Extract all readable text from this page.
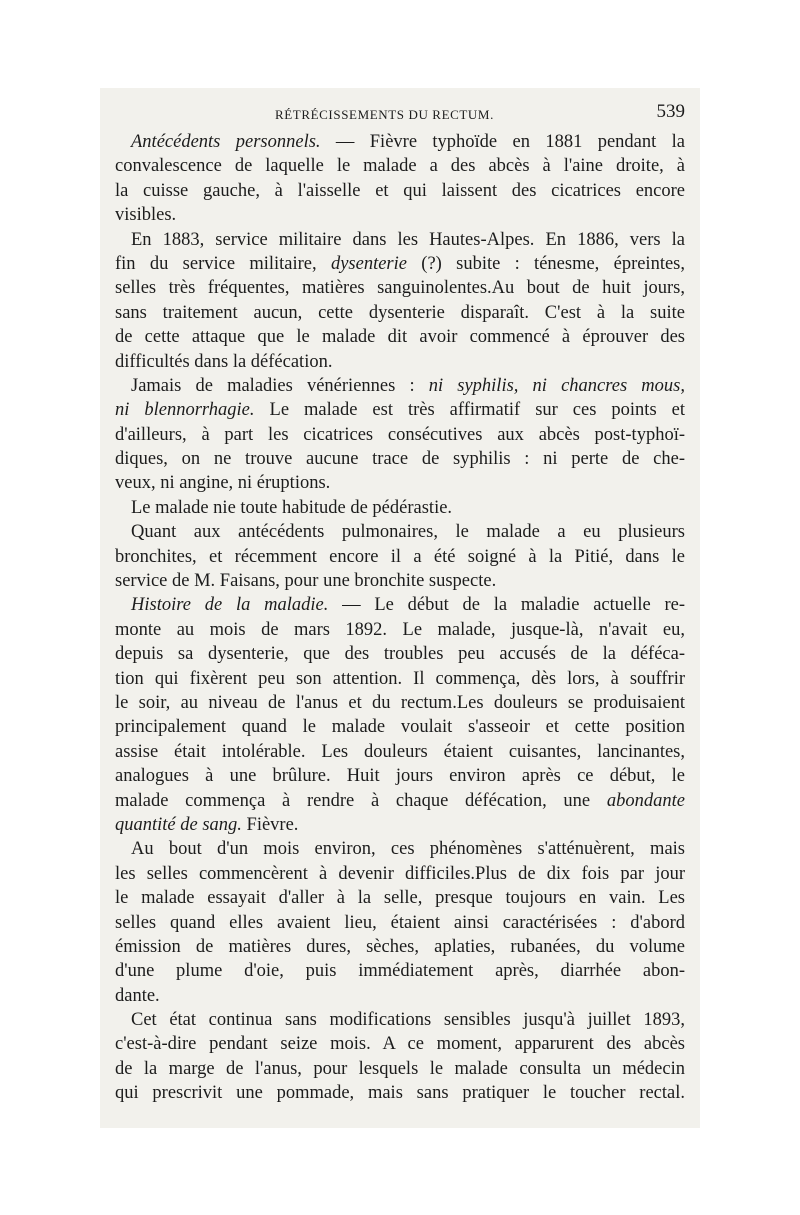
RÉTRÉCISSEMENTS DU RECTUM.	539
Antécédents personnels. — Fièvre typhoïde en 1881 pendant la
convalescence de laquelle le malade a des abcès à l'aine droite, à
la cuisse gauche, à l'aisselle et qui laissent des cicatrices encore
visibles.
En 1883, service militaire dans les Hautes-Alpes. En 1886, vers la
fin du service militaire, dysenterie (?) subite : ténesme, épreintes,
selles très fréquentes, matières sanguinolentes.Au bout de huit jours,
sans traitement aucun, cette dysenterie disparaît. C'est à la suite
de cette attaque que le malade dit avoir commencé à éprouver des
difficultés dans la défécation.
Jamais de maladies vénériennes : ni syphilis, ni chancres mous,
ni blennorrhagie. Le malade est très affirmatif sur ces points et
d'ailleurs, à part les cicatrices consécutives aux abcès post-typhoï-
diques, on ne trouve aucune trace de syphilis : ni perte de che-
veux, ni angine, ni éruptions.
Le malade nie toute habitude de pédérastie.
Quant aux antécédents pulmonaires, le malade a eu plusieurs
bronchites, et récemment encore il a été soigné à la Pitié, dans le
service de M. Faisans, pour une bronchite suspecte.
Histoire de la maladie. — Le début de la maladie actuelle re-
monte au mois de mars 1892. Le malade, jusque-là, n'avait eu,
depuis sa dysenterie, que des troubles peu accusés de la déféca-
tion qui fixèrent peu son attention. Il commença, dès lors, à souffrir
le soir, au niveau de l'anus et du rectum.Les douleurs se produisaient
principalement quand le malade voulait s'asseoir et cette position
assise était intolérable. Les douleurs étaient cuisantes, lancinantes,
analogues à une brûlure. Huit jours environ après ce début, le
malade commença à rendre à chaque défécation, une abondante
quantité de sang. Fièvre.
Au bout d'un mois environ, ces phénomènes s'atténuèrent, mais
les selles commencèrent à devenir difficiles.Plus de dix fois par jour
le malade essayait d'aller à la selle, presque toujours en vain. Les
selles quand elles avaient lieu, étaient ainsi caractérisées : d'abord
émission de matières dures, sèches, aplaties, rubanées, du volume
d'une plume d'oie, puis immédiatement après, diarrhée abon-
dante.
Cet état continua sans modifications sensibles jusqu'à juillet 1893,
c'est-à-dire pendant seize mois. A ce moment, apparurent des abcès
de la marge de l'anus, pour lesquels le malade consulta un médecin
qui prescrivit une pommade, mais sans pratiquer le toucher rectal.
